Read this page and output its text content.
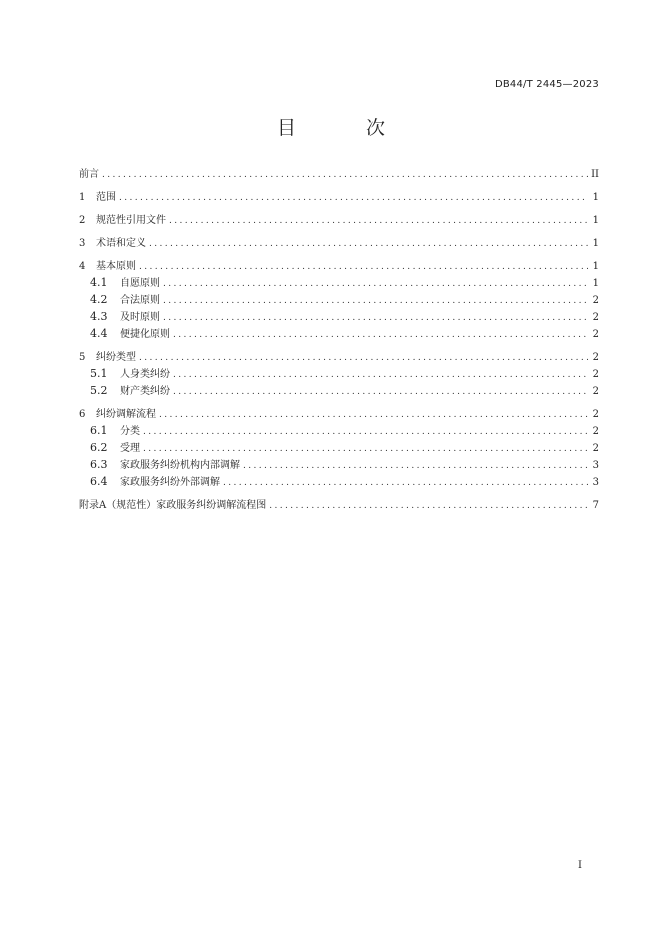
DB44/T 2445—2023
目 次
前言 .....	II
1	范围 .....	1
2	规范性引用文件 .....	1
3	术语和定义 .....	1
4	基本原则 .....	1
4.1	自愿原则 .....	1
4.2	合法原则 .....	2
4.3	及时原则 .....	2
4.4	便捷化原则 .....	2
5	纠纷类型 .....	2
5.1	人身类纠纷 .....	2
5.2	财产类纠纷 .....	2
6	纠纷调解流程 .....	2
6.1	分类 .....	2
6.2	受理 .....	2
6.3	家政服务纠纷机构内部调解 .....	3
6.4	家政服务纠纷外部调解 .....	3
附录A（规范性）家政服务纠纷调解流程图 .....	7
I
